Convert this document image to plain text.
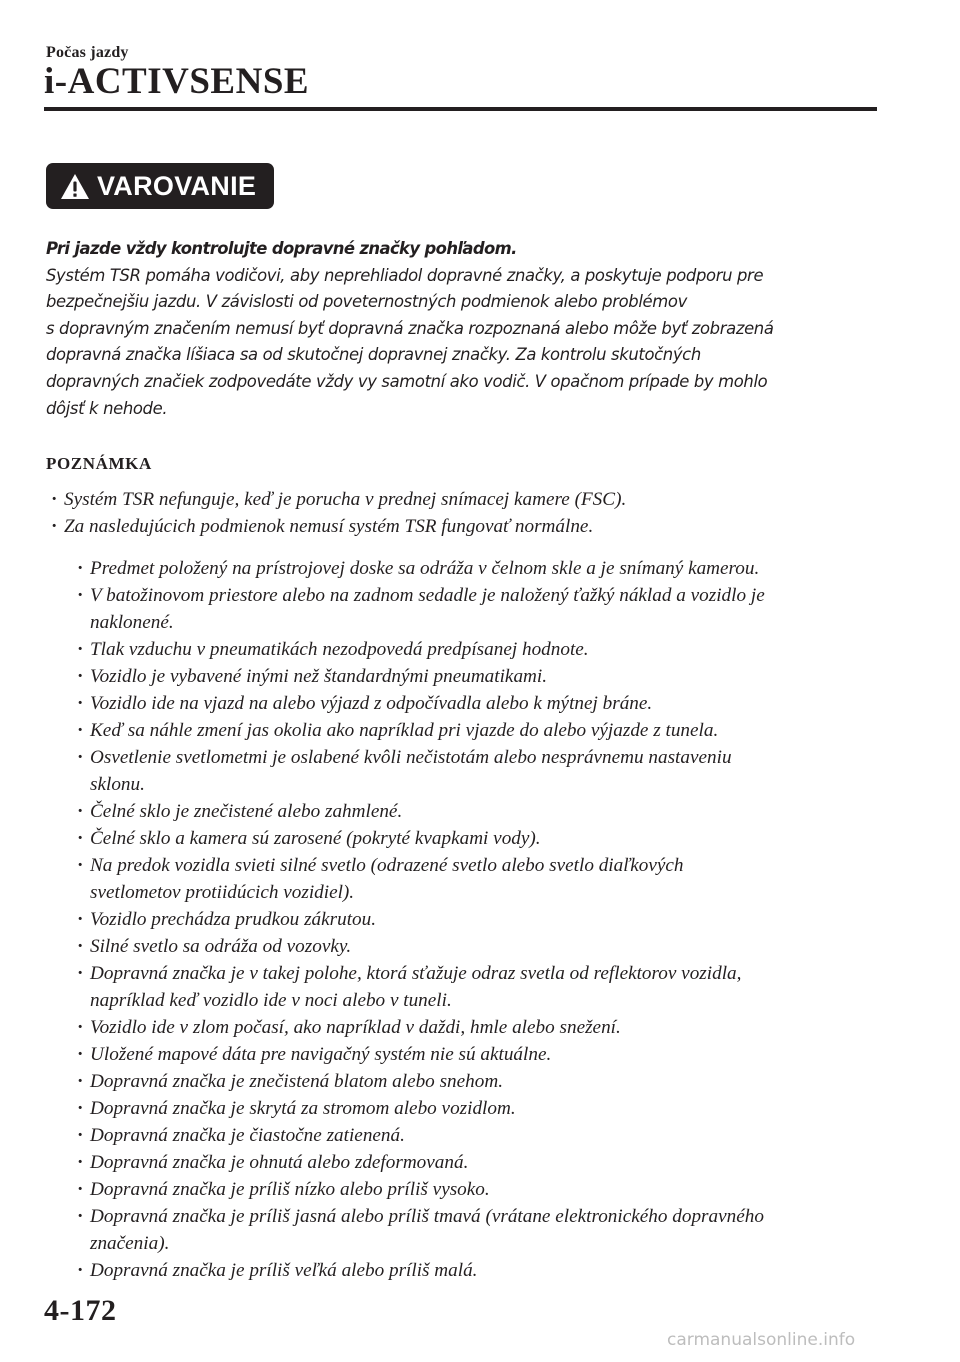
Počas jazdy
i-ACTIVSENSE
VAROVANIE
Pri jazde vždy kontrolujte dopravné značky pohľadom.
Systém TSR pomáha vodičovi, aby neprehliadol dopravné značky, a poskytuje podporu pre
bezpečnejšiu jazdu. V závislosti od poveternostných podmienok alebo problémov
s dopravným značením nemusí byť dopravná značka rozpoznaná alebo môže byť zobrazená
dopravná značka líšiaca sa od skutočnej dopravnej značky. Za kontrolu skutočných
dopravných značiek zodpovedáte vždy vy samotní ako vodič. V opačnom prípade by mohlo
dôjsť k nehode.
POZNÁMKA
· Systém TSR nefunguje, keď je porucha v prednej snímacej kamere (FSC).
· Za nasledujúcich podmienok nemusí systém TSR fungovať normálne.
· Predmet položený na prístrojovej doske sa odráža v čelnom skle a je snímaný kamerou.
· V batožinovom priestore alebo na zadnom sedadle je naložený ťažký náklad a vozidlo je
naklonené.
· Tlak vzduchu v pneumatikách nezodpovedá predpísanej hodnote.
· Vozidlo je vybavené inými než štandardnými pneumatikami.
· Vozidlo ide na vjazd na alebo výjazd z odpočívadla alebo k mýtnej bráne.
· Keď sa náhle zmení jas okolia ako napríklad pri vjazde do alebo výjazde z tunela.
· Osvetlenie svetlometmi je oslabené kvôli nečistotám alebo nesprávnemu nastaveniu
sklonu.
· Čelné sklo je znečistené alebo zahmlené.
· Čelné sklo a kamera sú zarosené (pokryté kvapkami vody).
· Na predok vozidla svieti silné svetlo (odrazené svetlo alebo svetlo diaľkových
svetlometov protiidúcich vozidiel).
· Vozidlo prechádza prudkou zákrutou.
· Silné svetlo sa odráža od vozovky.
· Dopravná značka je v takej polohe, ktorá sťažuje odraz svetla od reflektorov vozidla,
napríklad keď vozidlo ide v noci alebo v tuneli.
· Vozidlo ide v zlom počasí, ako napríklad v daždi, hmle alebo snežení.
· Uložené mapové dáta pre navigačný systém nie sú aktuálne.
· Dopravná značka je znečistená blatom alebo snehom.
· Dopravná značka je skrytá za stromom alebo vozidlom.
· Dopravná značka je čiastočne zatienená.
· Dopravná značka je ohnutá alebo zdeformovaná.
· Dopravná značka je príliš nízko alebo príliš vysoko.
· Dopravná značka je príliš jasná alebo príliš tmavá (vrátane elektronického dopravného
značenia).
· Dopravná značka je príliš veľká alebo príliš malá.
4-172
carmanualsonline.info
